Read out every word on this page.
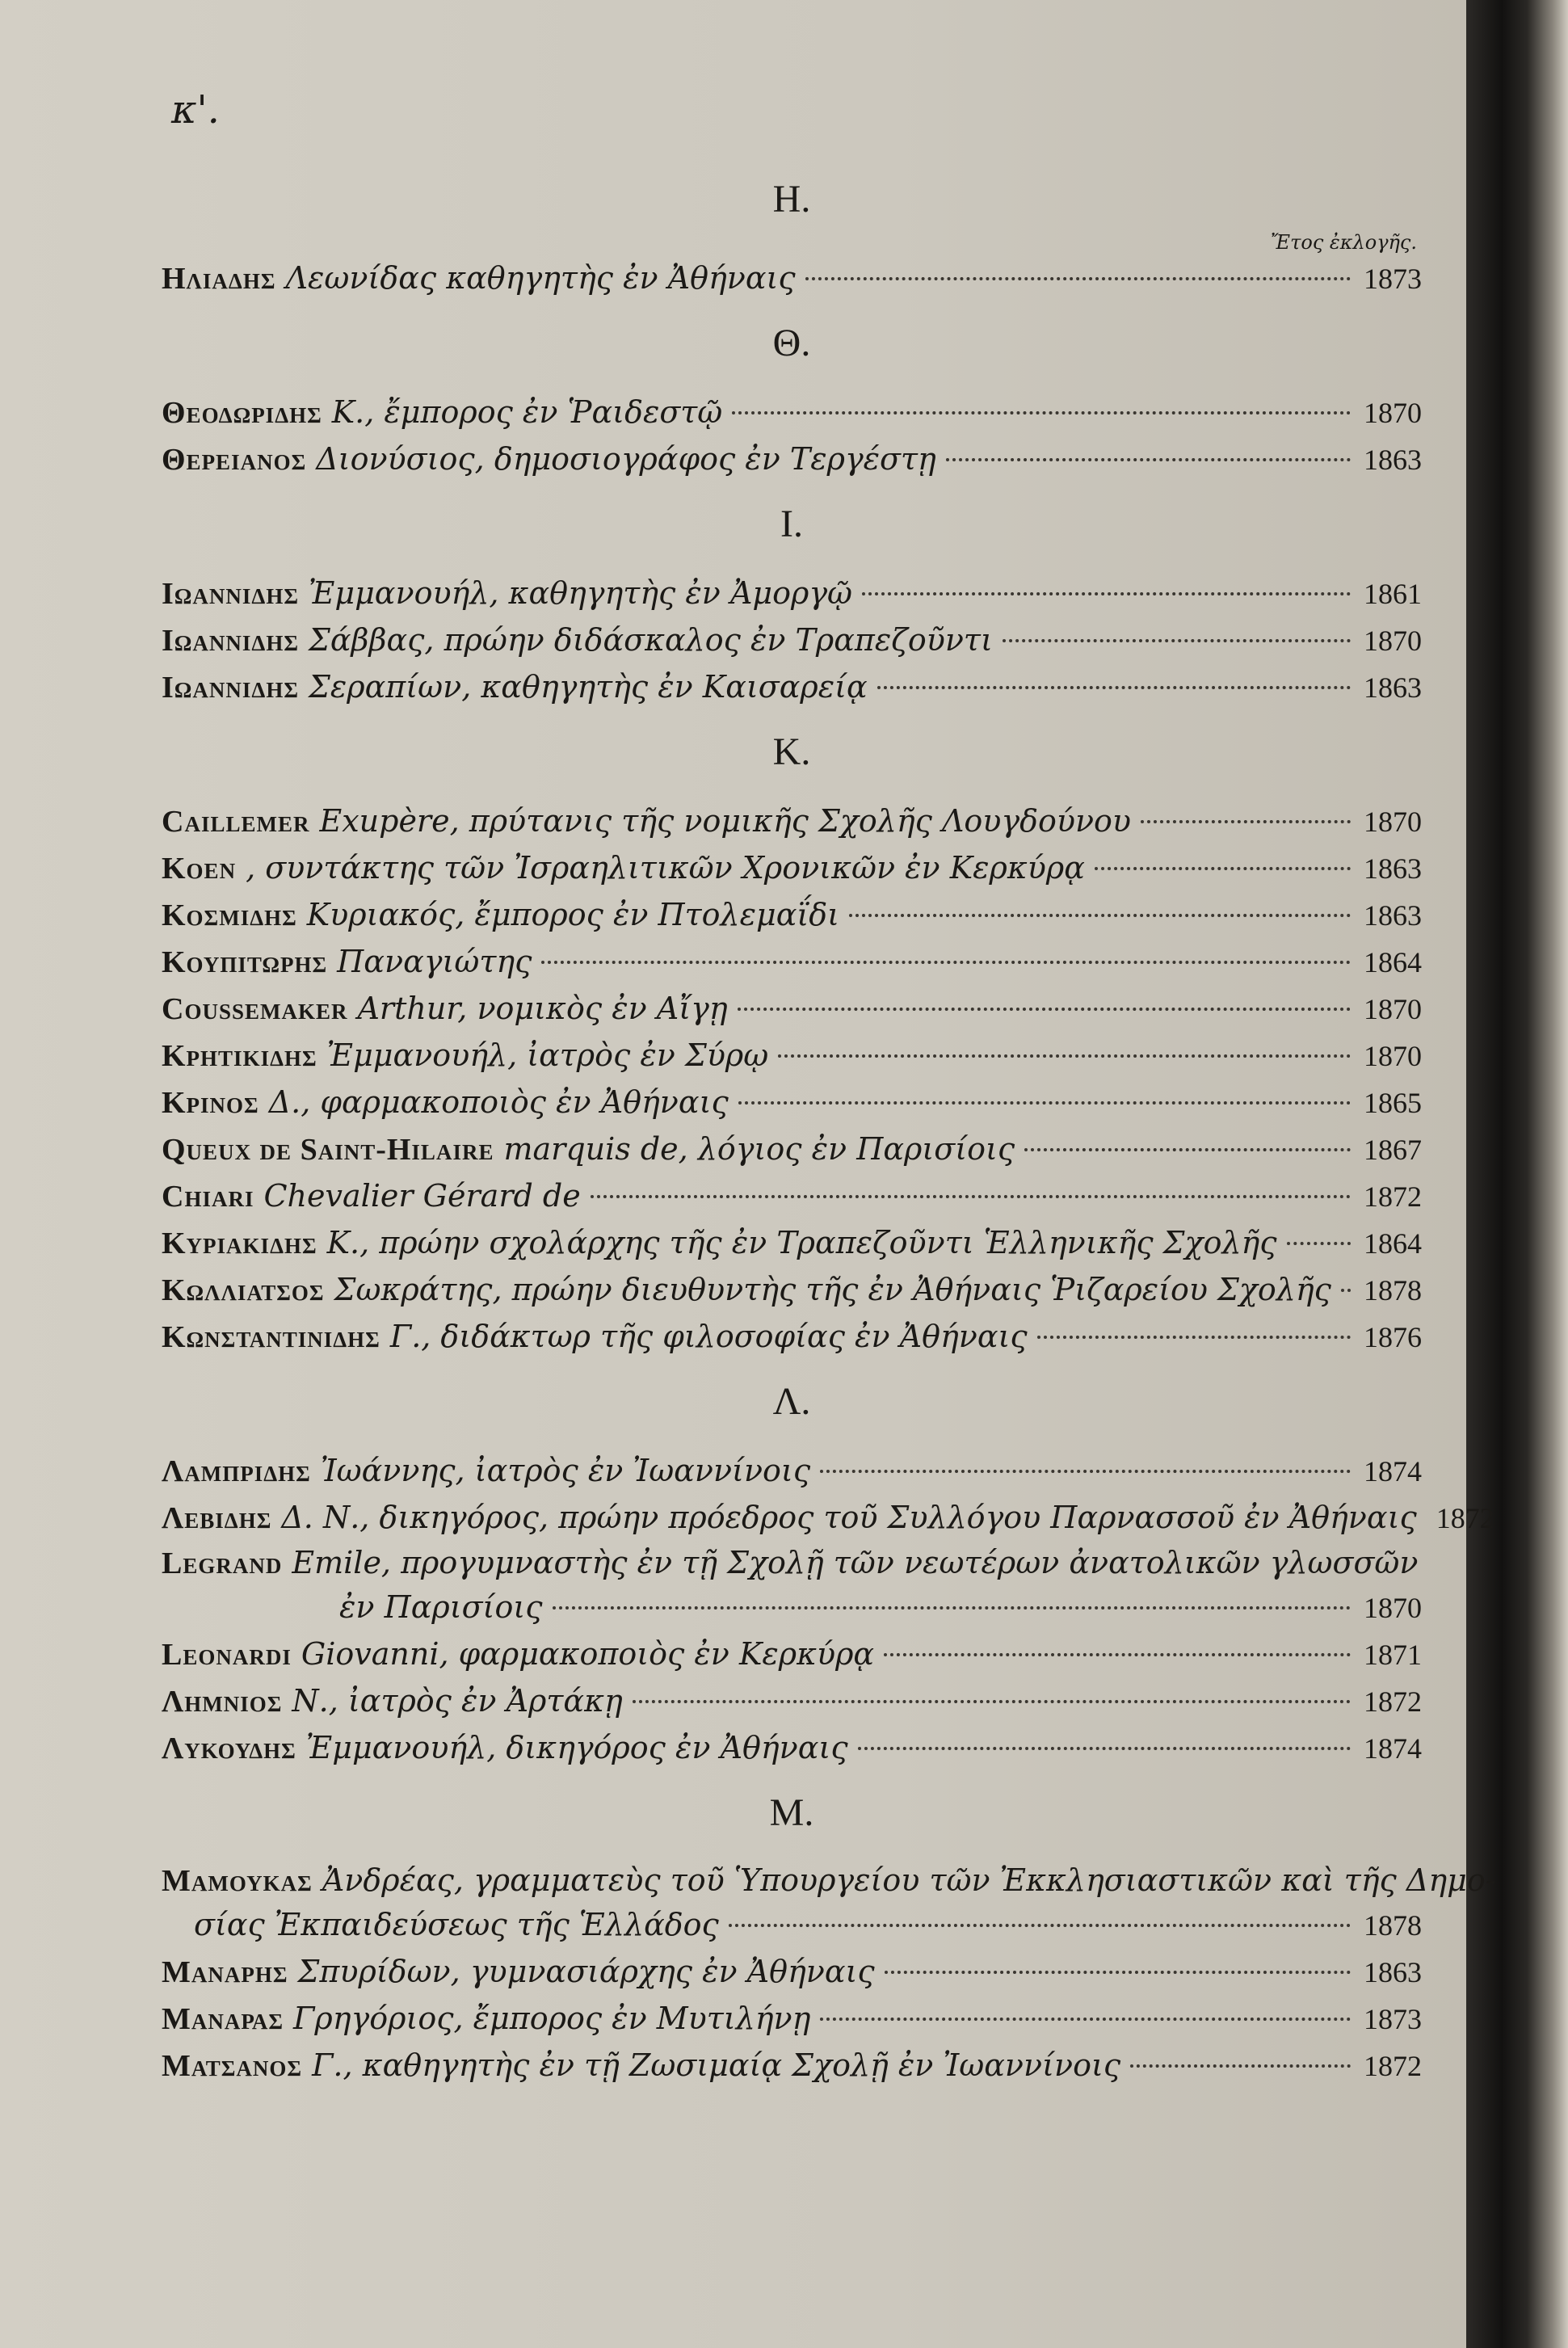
κ'.
Η.
Ἔτος ἐκλογῆς.
Ηλιαδης Λεωνίδας καθηγητὴς ἐν Ἀθήναις	1873
Θ.
Θεοδωριδης Κ., ἔμπορος ἐν Ῥαιδεστῷ	1870
Θερειανος Διονύσιος, δημοσιογράφος ἐν Τεργέστῃ	1863
Ι.
Ιωαννιδης Ἐμμανουήλ, καθηγητὴς ἐν Ἀμοργῷ	1861
Ιωαννιδης Σάββας, πρώην διδάσκαλος ἐν Τραπεζοῦντι	1870
Ιωαννιδης Σεραπίων, καθηγητὴς ἐν Καισαρείᾳ	1863
Κ.
Caillemer Exupère, πρύτανις τῆς νομικῆς Σχολῆς Λουγδούνου	1870
Κοεν , συντάκτης τῶν Ἰσραηλιτικῶν Χρονικῶν ἐν Κερκύρᾳ	1863
Κοσμιδης Κυριακός, ἔμπορος ἐν Πτολεμαΐδι	1863
Κουπιτωρης Παναγιώτης	1864
Coussemaker Arthur, νομικὸς ἐν Αἴγῃ	1870
Κρητικιδης Ἐμμανουήλ, ἰατρὸς ἐν Σύρῳ	1870
Κρινος Δ., φαρμακοποιὸς ἐν Ἀθήναις	1865
Queux de Saint-Hilaire marquis de, λόγιος ἐν Παρισίοις	1867
Chiari Chevalier Gérard de	1872
Κυριακιδης Κ., πρώην σχολάρχης τῆς ἐν Τραπεζοῦντι Ἑλληνικῆς Σχολῆς	1864
Κωλλιατσος Σωκράτης, πρώην διευθυντὴς τῆς ἐν Ἀθήναις Ῥιζαρείου Σχολῆς 1878
Κωνσταντινιδης Γ., διδάκτωρ τῆς φιλοσοφίας ἐν Ἀθήναις	1876
Λ.
Λαμπριδης Ἰωάννης, ἰατρὸς ἐν Ἰωαννίνοις	1874
Λεβιδης Δ. Ν., δικηγόρος, πρώην πρόεδρος τοῦ Συλλόγου Παρνασσοῦ ἐν Ἀθήναις 1872
Legrand Emile, προγυμναστὴς ἐν τῇ Σχολῇ τῶν νεωτέρων ἀνατολικῶν γλωσσῶν
ἐν Παρισίοις	1870
Leonardi Giovanni, φαρμακοποιὸς ἐν Κερκύρᾳ	1871
Λημνιος Ν., ἰατρὸς ἐν Ἀρτάκῃ	1872
Λυκουδης Ἐμμανουήλ, δικηγόρος ἐν Ἀθήναις	1874
Μ.
Μαμουκας Ἀνδρέας, γραμματεὺς τοῦ Ὑπουργείου τῶν Ἐκκλησιαστικῶν καὶ τῆς Δημο-
σίας Ἐκπαιδεύσεως τῆς Ἑλλάδος	1878
Μαναρης Σπυρίδων, γυμνασιάρχης ἐν Ἀθήναις	1863
Μαναρας Γρηγόριος, ἔμπορος ἐν Μυτιλήνῃ	1873
Ματσανος Γ., καθηγητὴς ἐν τῇ Ζωσιμαίᾳ Σχολῇ ἐν Ἰωαννίνοις	1872
